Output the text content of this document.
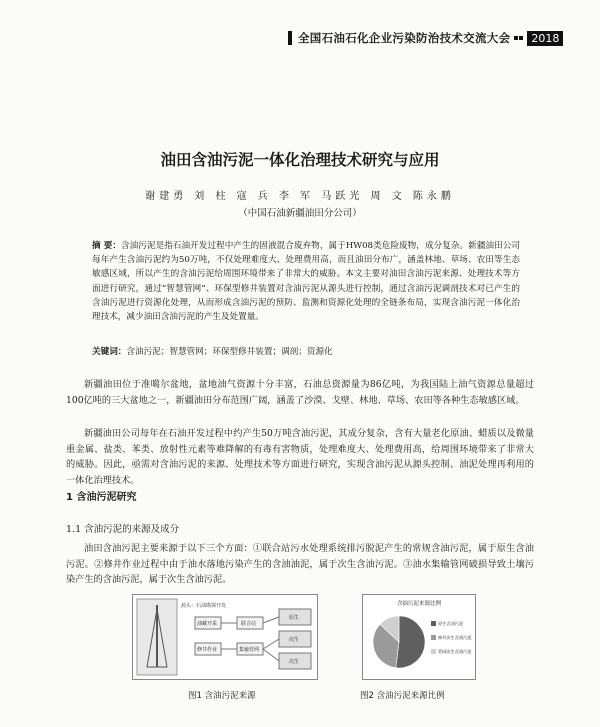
全国石油石化企业污染防治技术交流大会	2018
油田含油污泥一体化治理技术研究与应用
谢建勇 刘 柱 寇 兵 李 军 马跃光 周 文 陈永鹏
（中国石油新疆油田分公司）
摘 要：含油污泥是指石油开发过程中产生的固液混合废弃物，属于HW08类危险废物，成分复杂。新疆油田公司每年产生含油污泥约为50万吨，不仅处理难度大、处理费用高，而且油田分布广，涵盖林地、草场、农田等生态敏感区域，所以产生的含油污泥给周围环境带来了非常大的威胁。本文主要对油田含油污泥来源、处理技术等方面进行研究，通过“智慧管网”、环保型修井装置对含油污泥从源头进行控制，通过含油污泥调剖技术对已产生的含油污泥进行资源化处理，从而形成含油污泥的预防、监测和资源化处理的全链条布局，实现含油污泥一体化治理技术，减少油田含油污泥的产生及处置量。
关键词：含油污泥；智慧管网；环保型修井装置；调剖；资源化
新疆油田位于准噶尔盆地，盆地油气资源十分丰富，石油总资源量为86亿吨，为我国陆上油气资源总量超过100亿吨的三大盆地之一，新疆油田分布范围广阔，涵盖了沙漠、戈壁、林地、草场、农田等各种生态敏感区域。
新疆油田公司每年在石油开发过程中约产生50万吨含油污泥，其成分复杂，含有大量老化原油、蜡质以及微量重金属、盐类、苯类、放射性元素等难降解的有毒有害物质，处理难度大、处理费用高，给周围环境带来了非常大的威胁。因此，亟需对含油污泥的来源、处理技术等方面进行研究，实现含油污泥从源头控制、油泥处理再利用的一体化治理技术。
1 含油污泥研究
1.1 含油污泥的来源及成分
油田含油污泥主要来源于以下三个方面：①联合站污水处理系统排污脱泥产生的常规含油污泥，属于原生含油污泥。②修井作业过程中由于油水落地污染产生的含油油泥，属于次生含油污泥。③油水集输管网破损导致土壤污染产生的含油污泥，属于次生含油污泥。
源头：石油勘探开发
油藏开采
修井作业
联合站
集输管网
原生
次生
次生
含油污泥来源比例
原生含油污泥
修井次生含油污泥
管网次生含油污泥
图1 含油污泥来源	图2 含油污泥来源比例
